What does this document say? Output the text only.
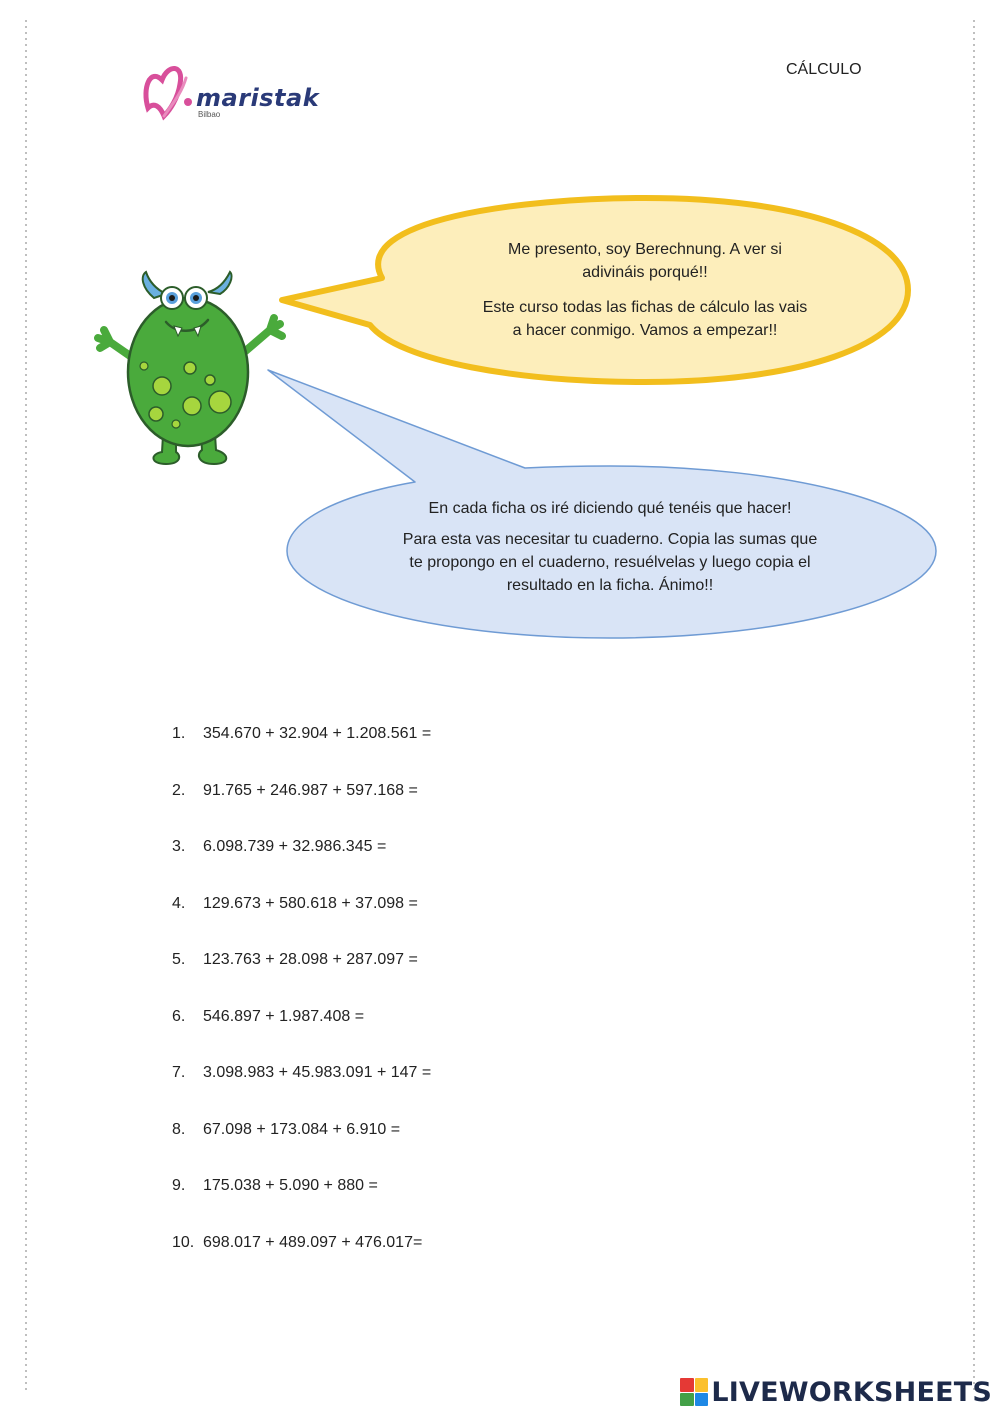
maristak
Bilbao
CÁLCULO

Me presento, soy Berechnung. A ver si
adivináis porqué!!

Este curso todas las fichas de cálculo las vais
a hacer conmigo. Vamos a empezar!!

En cada ficha os iré diciendo qué tenéis que hacer!

Para esta vas necesitar tu cuaderno. Copia las sumas que
te propongo en el cuaderno, resuélvelas y luego copia el
resultado en la ficha. Ánimo!!

1. 354.670 + 32.904 + 1.208.561 =
2. 91.765 + 246.987 + 597.168 =
3. 6.098.739 + 32.986.345 =
4. 129.673 + 580.618 + 37.098 =
5. 123.763 + 28.098 + 287.097 =
6. 546.897 + 1.987.408 =
7. 3.098.983 + 45.983.091 + 147 =
8. 67.098 + 173.084 + 6.910 =
9. 175.038 + 5.090 + 880 =
10. 698.017 + 489.097 + 476.017=
LIVEWORKSHEETS
